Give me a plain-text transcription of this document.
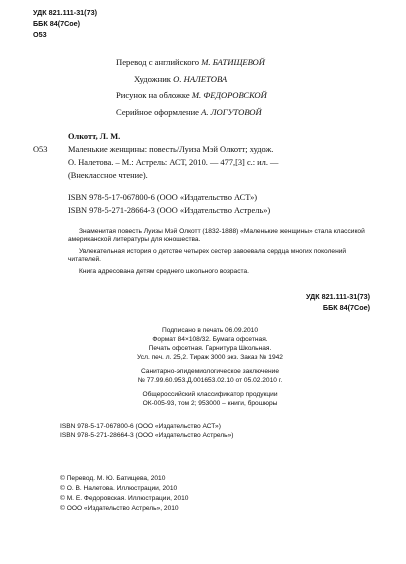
УДК 821.111-31(73)
ББК 84(7Сое)
О53
Перевод с английского М. БАТИЩЕВОЙ
Художник О. НАЛЕТОВА
Рисунок на обложке М. ФЕДОРОВСКОЙ
Серийное оформление А. ЛОГУТОВОЙ
Олкотт, Л. М.
О53 Маленькие женщины: повесть/Луиза Мэй Олкотт; худож.
О. Налетова. – М.: Астрель: АСТ, 2010. — 477,[3] с.: ил. —
(Внеклассное чтение).
ISBN 978-5-17-067800-6 (ООО «Издательство АСТ»)
ISBN 978-5-271-28664-3 (ООО «Издательство Астрель»)
Знаменитая повесть Луизы Мэй Олкотт (1832-1888) «Маленькие женщины» стала классикой американской литературы для юношества.
Увлекательная история о детстве четырех сестер завоевала сердца многих поколений читателей.
Книга адресована детям среднего школьного возраста.
УДК 821.111-31(73)
ББК 84(7Сое)
Подписано в печать 06.09.2010
Формат 84×108/32. Бумага офсетная.
Печать офсетная. Гарнитура Школьная.
Усл. печ. л. 25,2. Тираж 3000 экз. Заказ № 1942
Санитарно-эпидемиологическое заключение
№ 77.99.60.953.Д.001653.02.10 от 05.02.2010 г.
Общероссийский классификатор продукции
ОК-005-93, том 2; 953000 – книги, брошюры
ISBN 978-5-17-067800-6 (ООО «Издательство АСТ»)
ISBN 978-5-271-28664-3 (ООО «Издательство Астрель»)
© Перевод. М. Ю. Батищева, 2010
© О. В. Налетова. Иллюстрации, 2010
© М. Е. Федоровская. Иллюстрации, 2010
© ООО «Издательство Астрель», 2010
